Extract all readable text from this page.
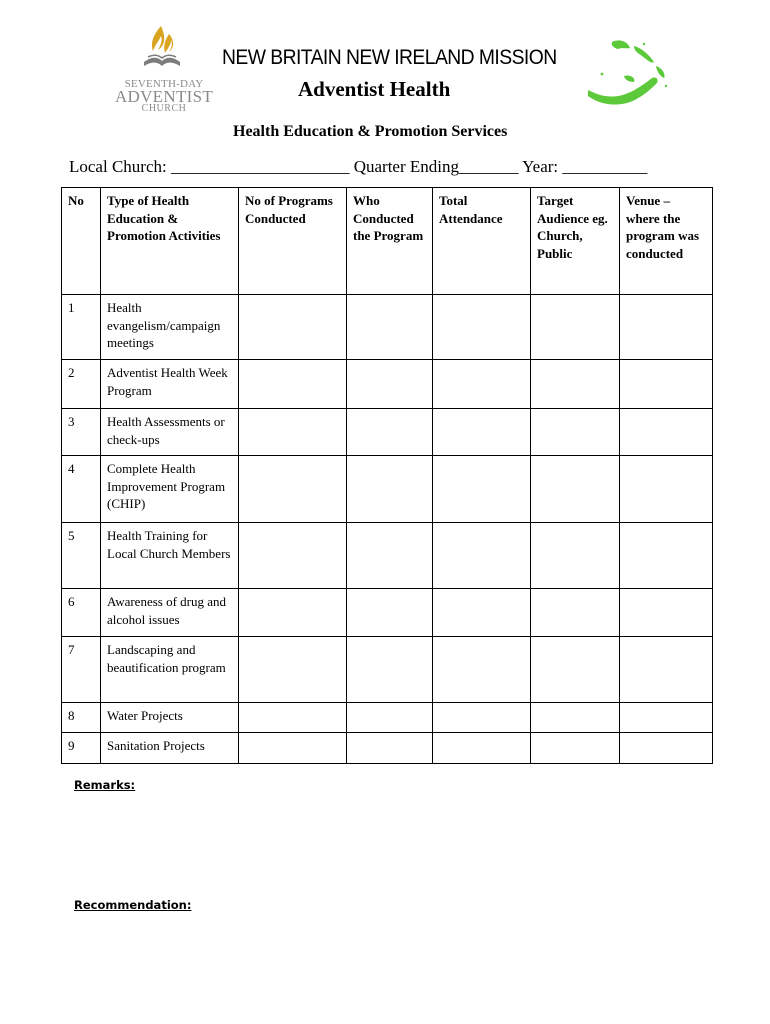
SEVENTH-DAY
ADVENTIST
CHURCH
NEW BRITAIN NEW IRELAND MISSION
Adventist Health
Health Education & Promotion Services
Local Church: _____________________ Quarter Ending_______ Year: __________
No	Type of Health Education & Promotion Activities	No of Programs Conducted	Who Conducted the Program	Total Attendance	Target Audience eg. Church, Public	Venue – where the program was conducted
1	Health evangelism/campaign meetings					
2	Adventist Health Week Program					
3	Health Assessments or check-ups					
4	Complete Health Improvement Program (CHIP)					
5	Health Training for Local Church Members					
6	Awareness of drug and alcohol issues					
7	Landscaping and beautification program					
8	Water Projects					
9	Sanitation Projects					
Remarks:
Recommendation:
